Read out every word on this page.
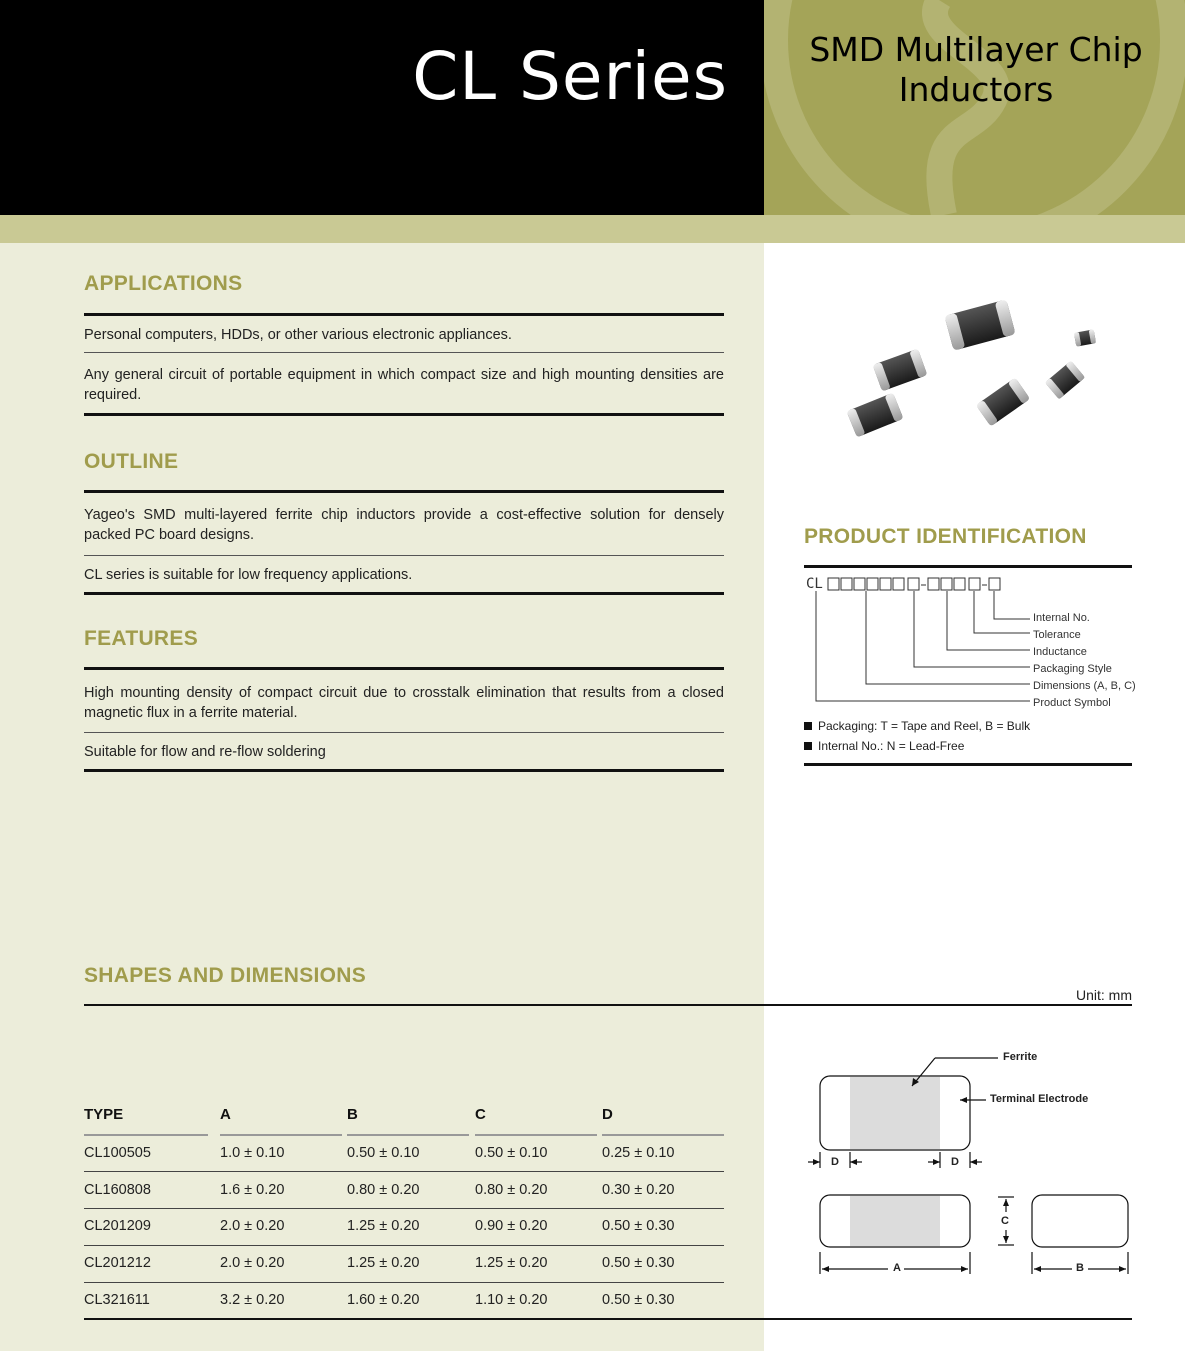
CL Series	SMD Multilayer Chip
Inductors
APPLICATIONS
Personal computers, HDDs, or other various electronic appliances.
Any general circuit of portable equipment in which compact size and high mounting densities are required.
OUTLINE
Yageo's SMD multi-layered ferrite chip inductors provide a cost-effective solution for densely packed PC board designs.
CL series is suitable for low frequency applications.
FEATURES
High mounting density of compact circuit due to crosstalk elimination that results from a closed magnetic flux in a ferrite material.
Suitable for flow and re-flow soldering
PRODUCT IDENTIFICATION
CL
Internal No.
Tolerance
Inductance
Packaging Style
Dimensions (A, B, C)
Product Symbol
Packaging: T = Tape and Reel, B = Bulk
Internal No.: N = Lead-Free
SHAPES AND DIMENSIONS
Unit: mm
TYPE	A	B	C	D
CL100505	1.0 ± 0.10	0.50 ± 0.10	0.50 ± 0.10	0.25 ± 0.10
CL160808	1.6 ± 0.20	0.80 ± 0.20	0.80 ± 0.20	0.30 ± 0.20
CL201209	2.0 ± 0.20	1.25 ± 0.20	0.90 ± 0.20	0.50 ± 0.30
CL201212	2.0 ± 0.20	1.25 ± 0.20	1.25 ± 0.20	0.50 ± 0.30
CL321611	3.2 ± 0.20	1.60 ± 0.20	1.10 ± 0.20	0.50 ± 0.30
Ferrite
Terminal Electrode
D	D
A
C
B
